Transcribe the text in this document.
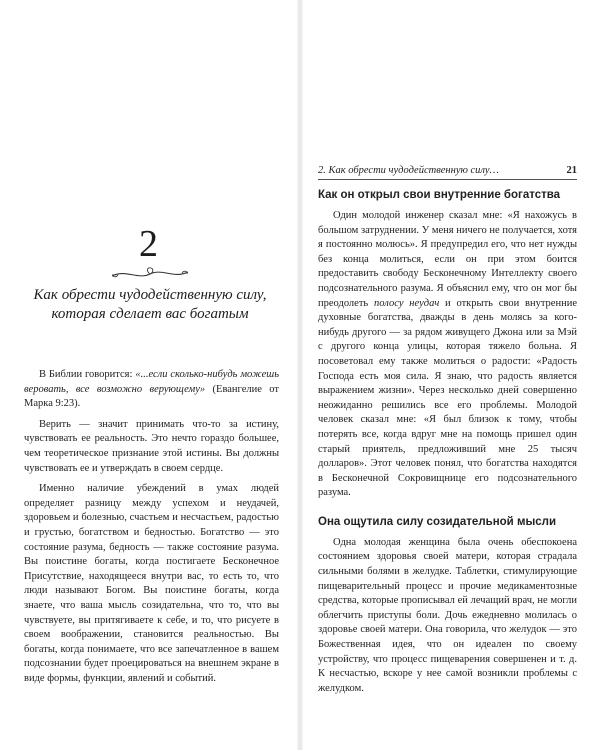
2
Как обрести чудодейственную силу,
которая сделает вас богатым

В Библии говорится: «...если сколько-нибудь можешь веровать, все возможно верующему» (Евангелие от Марка 9:23).

Верить — значит принимать что-то за истину, чувствовать ее реальность. Это нечто гораздо большее, чем теоретическое признание этой истины. Вы должны чувствовать ее и утверждать в своем сердце.

Именно наличие убеждений в умах людей определяет разницу между успехом и неудачей, здоровьем и болезнью, счастьем и несчастьем, радостью и грустью, богатством и бедностью. Богатство — это состояние разума, бедность — также состояние разума. Вы поистине богаты, когда постигаете Бесконечное Присутствие, находящееся внутри вас, то есть то, что люди называют Богом. Вы поистине богаты, когда знаете, что ваша мысль созидательна, что то, что вы чувствуете, вы притягиваете к себе, и то, что рисуете в своем воображении, становится реальностью. Вы богаты, когда понимаете, что все запечатленное в вашем подсознании будет проецироваться на внешнем экране в виде формы, функции, явлений и событий.

2. Как обрести чудодейственную силу…	21
Как он открыл свои внутренние богатства

Один молодой инженер сказал мне: «Я нахожусь в большом затруднении. У меня ничего не получается, хотя я постоянно молюсь». Я предупредил его, что нет нужды без конца молиться, если он при этом боится предоставить свободу Бесконечному Интеллекту своего подсознательного разума. Я объяснил ему, что он мог бы преодолеть полосу неудач и открыть свои внутренние духовные богатства, дважды в день молясь за кого-нибудь другого — за рядом живущего Джона или за Мэй с другого конца улицы, которая тяжело больна. Я посоветовал ему также молиться о радости: «Радость Господа есть моя сила. Я знаю, что радость является выражением жизни». Через несколько дней совершенно неожиданно решились все его проблемы. Молодой человек сказал мне: «Я был близок к тому, чтобы потерять все, когда вдруг мне на помощь пришел один старый приятель, предложивший мне 25 тысяч долларов». Этот человек понял, что богатства находятся в Бесконечной Сокровищнице его подсознательного разума.

Она ощутила силу созидательной мысли

Одна молодая женщина была очень обеспокоена состоянием здоровья своей матери, которая страдала сильными болями в желудке. Таблетки, стимулирующие пищеварительный процесс и прочие медикаментозные средства, которые прописывал ей лечащий врач, не могли облегчить приступы боли. Дочь ежедневно молилась о здоровье своей матери. Она говорила, что желудок — это Божественная идея, что он идеален по своему устройству, что процесс пищеварения совершенен и т. д. К несчастью, вскоре у нее самой возникли проблемы с желудком.
